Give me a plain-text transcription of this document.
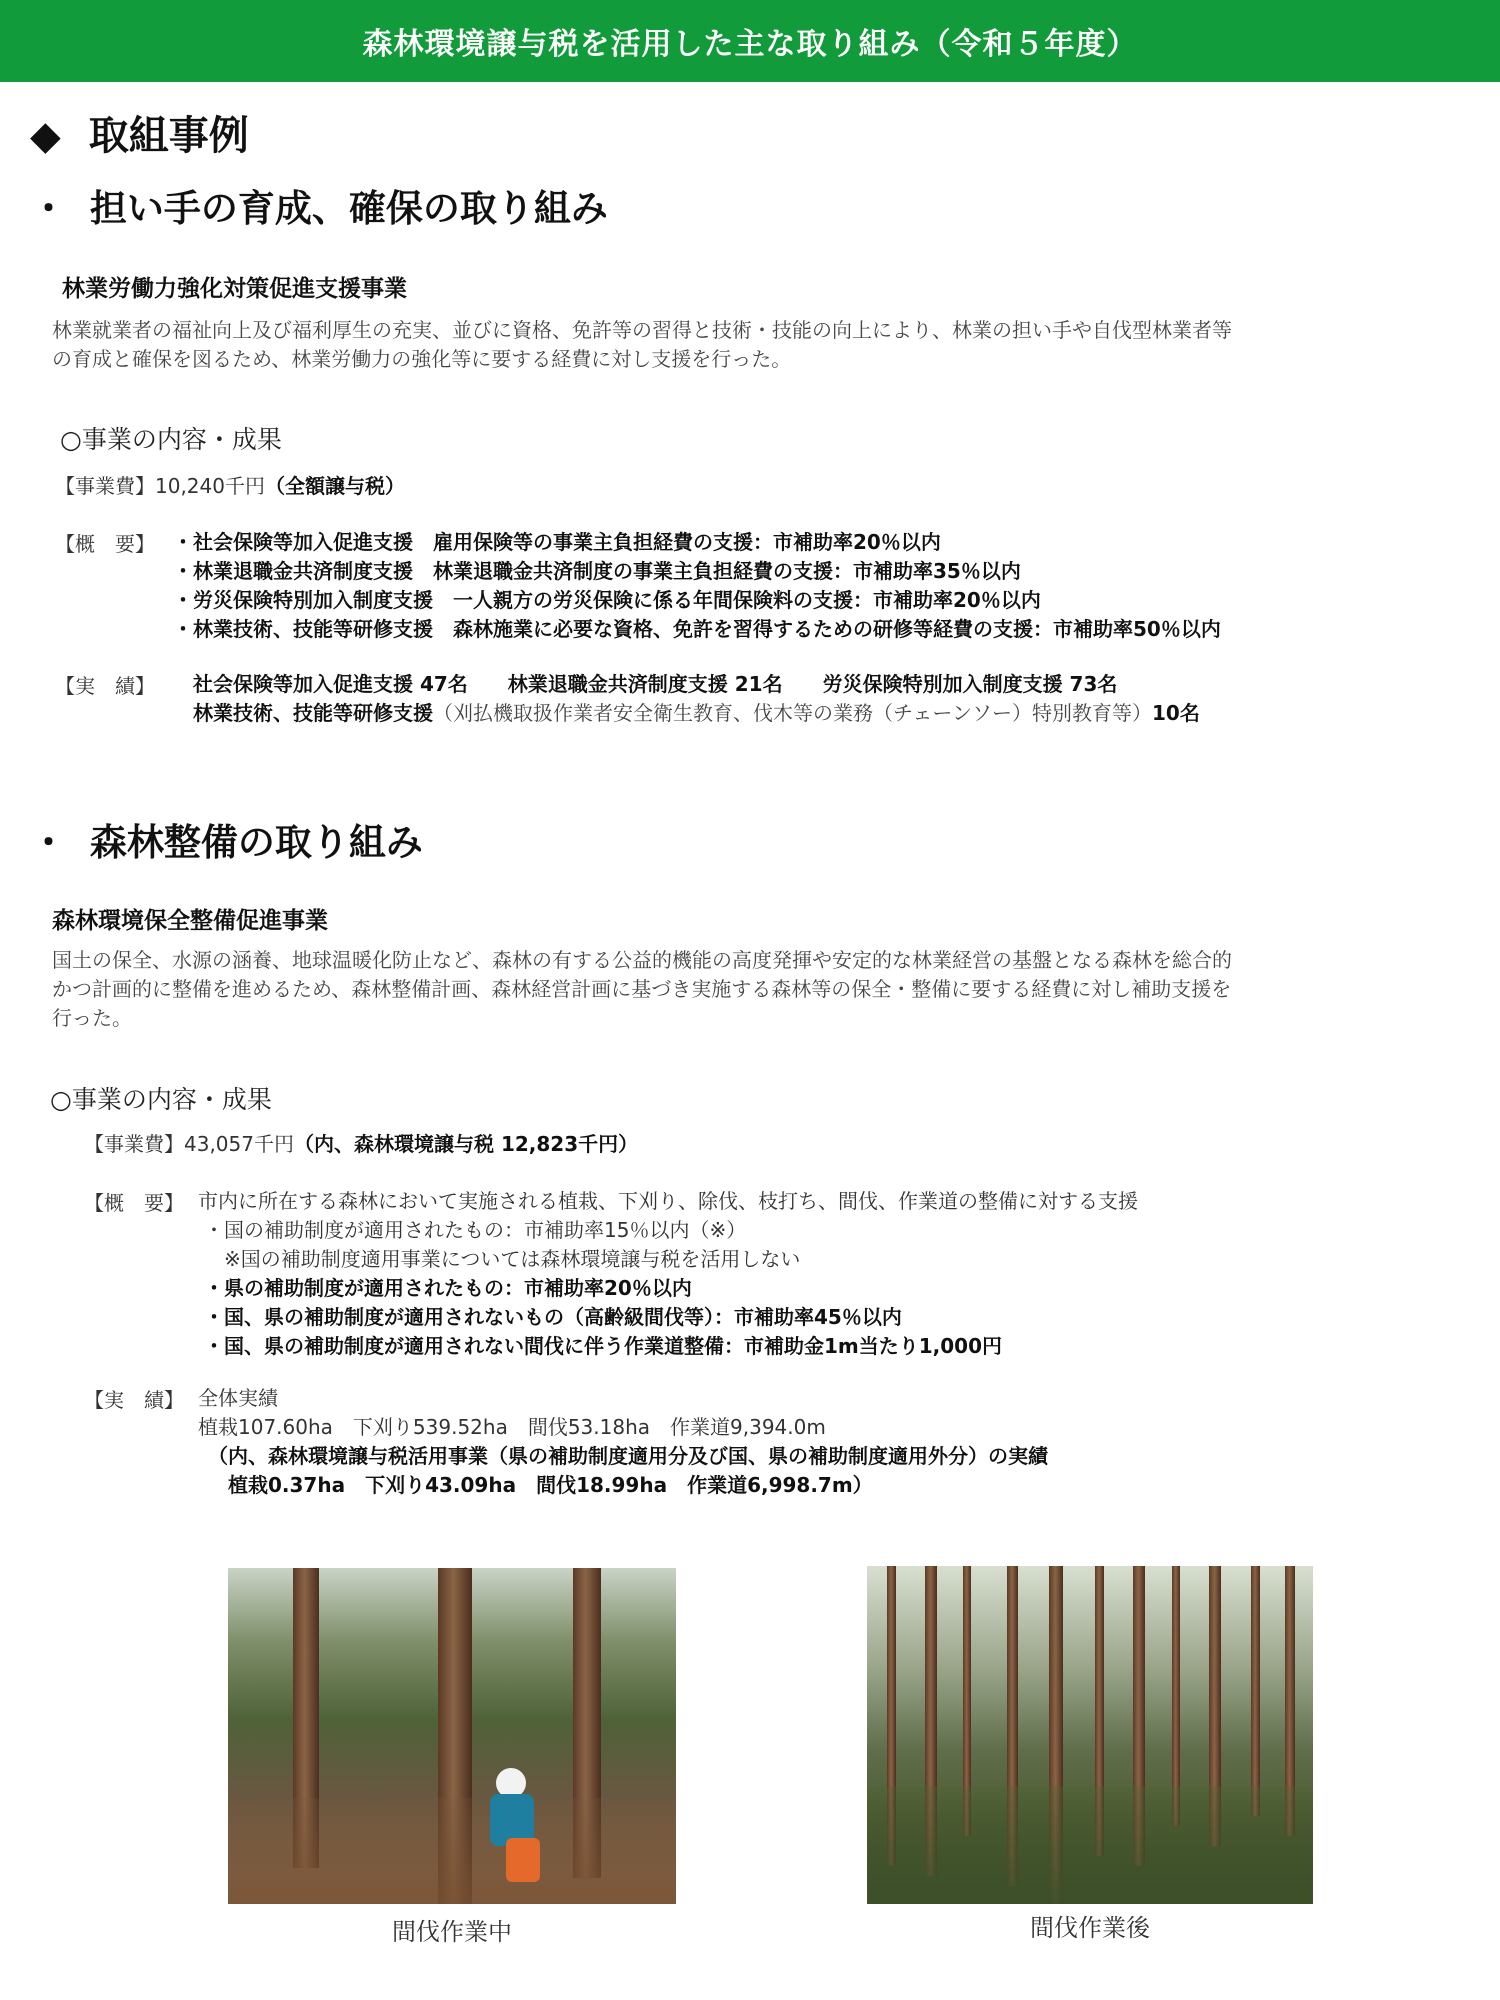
森林環境譲与税を活用した主な取り組み（令和５年度）
◆ 取組事例
・ 担い手の育成、確保の取り組み
林業労働力強化対策促進支援事業
林業就業者の福祉向上及び福利厚生の充実、並びに資格、免許等の習得と技術・技能の向上により、林業の担い手や自伐型林業者等
の育成と確保を図るため、林業労働力の強化等に要する経費に対し支援を行った。
○事業の内容・成果
【事業費】10,240千円（全額譲与税）
【概　要】 ・社会保険等加入促進支援　雇用保険等の事業主負担経費の支援：市補助率20％以内
・林業退職金共済制度支援　林業退職金共済制度の事業主負担経費の支援：市補助率35％以内
・労災保険特別加入制度支援　一人親方の労災保険に係る年間保険料の支援：市補助率20％以内
・林業技術、技能等研修支援　森林施業に必要な資格、免許を習得するための研修等経費の支援：市補助率50％以内
【実　績】 社会保険等加入促進支援 47名　　林業退職金共済制度支援 21名　　労災保険特別加入制度支援 73名
林業技術、技能等研修支援（刈払機取扱作業者安全衛生教育、伐木等の業務（チェーンソー）特別教育等）10名
・ 森林整備の取り組み
森林環境保全整備促進事業
国土の保全、水源の涵養、地球温暖化防止など、森林の有する公益的機能の高度発揮や安定的な林業経営の基盤となる森林を総合的
かつ計画的に整備を進めるため、森林整備計画、森林経営計画に基づき実施する森林等の保全・整備に要する経費に対し補助支援を
行った。
○事業の内容・成果
【事業費】43,057千円（内、森林環境譲与税 12,823千円）
【概　要】 市内に所在する森林において実施される植栽、下刈り、除伐、枝打ち、間伐、作業道の整備に対する支援
・国の補助制度が適用されたもの：市補助率15％以内（※）
　※国の補助制度適用事業については森林環境譲与税を活用しない
・県の補助制度が適用されたもの：市補助率20％以内
・国、県の補助制度が適用されないもの（高齢級間伐等）：市補助率45％以内
・国、県の補助制度が適用されない間伐に伴う作業道整備：市補助金1m当たり1,000円
【実　績】 全体実績
植栽107.60ha　下刈り539.52ha　間伐53.18ha　作業道9,394.0m
（内、森林環境譲与税活用事業（県の補助制度適用分及び国、県の補助制度適用外分）の実績
　植栽0.37ha　下刈り43.09ha　間伐18.99ha　作業道6,998.7m）
間伐作業中	間伐作業後
